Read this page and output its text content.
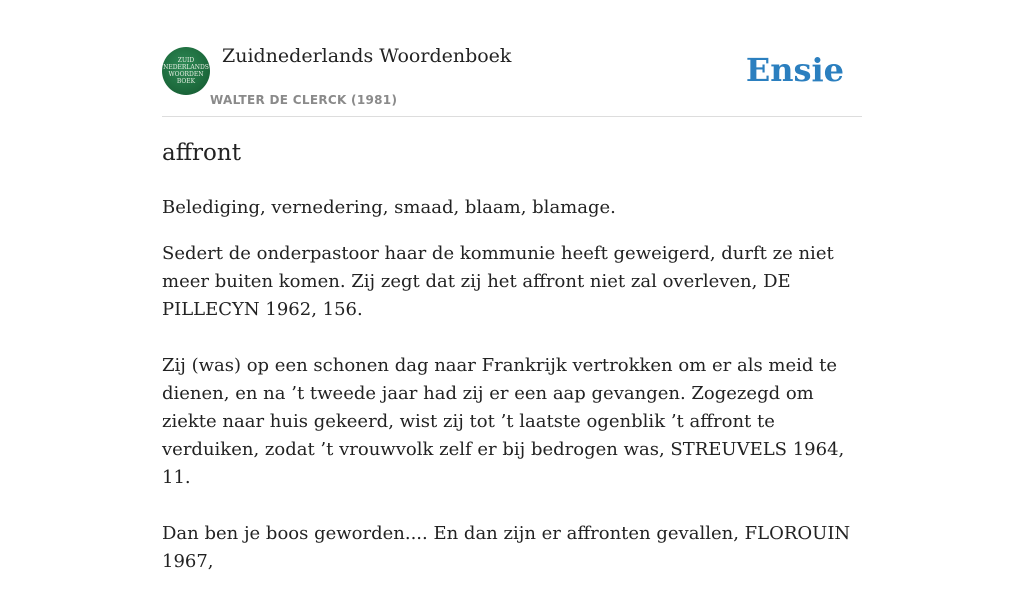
ZUID
NEDERLANDS
WOORDEN
BOEK
Zuidnederlands Woordenboek
WALTER DE CLERCK (1981)
Ensie
affront
Belediging, vernedering, smaad, blaam, blamage.

Sedert de onderpastoor haar de kommunie heeft geweigerd, durft ze niet meer buiten komen. Zij zegt dat zij het affront niet zal overleven, DE PILLECYN 1962, 156.

Zij (was) op een schonen dag naar Frankrijk vertrokken om er als meid te dienen, en na ’t tweede jaar had zij er een aap gevangen. Zogezegd om ziekte naar huis gekeerd, wist zij tot ’t laatste ogenblik ’t affront te verduiken, zodat ’t vrouwvolk zelf er bij bedrogen was, STREUVELS 1964, 11.

Dan ben je boos geworden.... En dan zijn er affronten gevallen, FLOROUIN 1967,
